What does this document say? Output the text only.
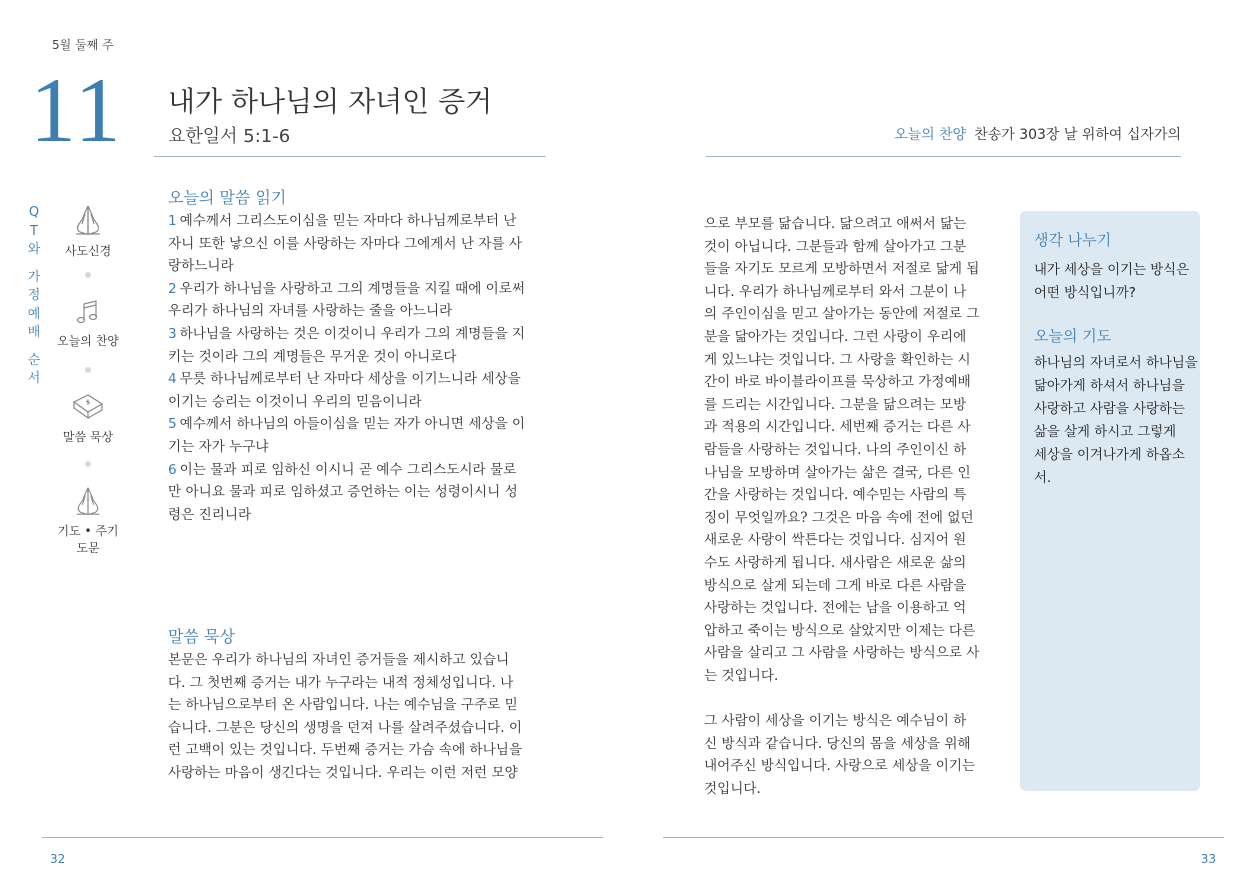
5월 둘째 주
11 내가 하나님의 자녀인 증거
요한일서 5:1-6	오늘의 찬양 찬송가 303장 날 위하여 십자가의
Q
T
와
가
정
예
배
순
서
사도신경
오늘의 찬양
말씀 묵상
기도 • 주기도문
오늘의 말씀 읽기

1 예수께서 그리스도이심을 믿는 자마다 하나님께로부터 난
자니 또한 낳으신 이를 사랑하는 자마다 그에게서 난 자를 사
랑하느니라

2 우리가 하나님을 사랑하고 그의 계명들을 지킬 때에 이로써
우리가 하나님의 자녀를 사랑하는 줄을 아느니라

3 하나님을 사랑하는 것은 이것이니 우리가 그의 계명들을 지
키는 것이라 그의 계명들은 무거운 것이 아니로다

4 무릇 하나님께로부터 난 자마다 세상을 이기느니라 세상을
이기는 승리는 이것이니 우리의 믿음이니라

5 예수께서 하나님의 아들이심을 믿는 자가 아니면 세상을 이
기는 자가 누구냐

6 이는 물과 피로 임하신 이시니 곧 예수 그리스도시라 물로
만 아니요 물과 피로 임하셨고 증언하는 이는 성령이시니 성
령은 진리니라

말씀 묵상

본문은 우리가 하나님의 자녀인 증거들을 제시하고 있습니
다. 그 첫번째 증거는 내가 누구라는 내적 정체성입니다. 나
는 하나님으로부터 온 사람입니다. 나는 예수님을 구주로 믿
습니다. 그분은 당신의 생명을 던져 나를 살려주셨습니다. 이
런 고백이 있는 것입니다. 두번째 증거는 가슴 속에 하나님을
사랑하는 마음이 생긴다는 것입니다. 우리는 이런 저런 모양

으로 부모를 닮습니다. 닮으려고 애써서 닮는
것이 아닙니다. 그분들과 함께 살아가고 그분
들을 자기도 모르게 모방하면서 저절로 닮게 됩
니다. 우리가 하나님께로부터 와서 그분이 나
의 주인이심을 믿고 살아가는 동안에 저절로 그
분을 닮아가는 것입니다. 그런 사랑이 우리에
게 있느냐는 것입니다. 그 사랑을 확인하는 시
간이 바로 바이블라이프를 묵상하고 가정예배
를 드리는 시간입니다. 그분을 닮으려는 모방
과 적용의 시간입니다. 세번째 증거는 다른 사
람들을 사랑하는 것입니다. 나의 주인이신 하
나님을 모방하며 살아가는 삶은 결국, 다른 인
간을 사랑하는 것입니다. 예수믿는 사람의 특
징이 무엇일까요? 그것은 마음 속에 전에 없던
새로운 사랑이 싹튼다는 것입니다. 심지어 원
수도 사랑하게 됩니다. 새사람은 새로운 삶의
방식으로 살게 되는데 그게 바로 다른 사람을
사랑하는 것입니다. 전에는 남을 이용하고 억
압하고 죽이는 방식으로 살았지만 이제는 다른
사람을 살리고 그 사람을 사랑하는 방식으로 사
는 것입니다.

그 사람이 세상을 이기는 방식은 예수님이 하
신 방식과 같습니다. 당신의 몸을 세상을 위해
내어주신 방식입니다. 사랑으로 세상을 이기는
것입니다.

생각 나누기

내가 세상을 이기는 방식은
어떤 방식입니까?

오늘의 기도

하나님의 자녀로서 하나님을
닮아가게 하셔서 하나님을
사랑하고 사람을 사랑하는
삶을 살게 하시고 그렇게
세상을 이겨나가게 하옵소서.

32	33
